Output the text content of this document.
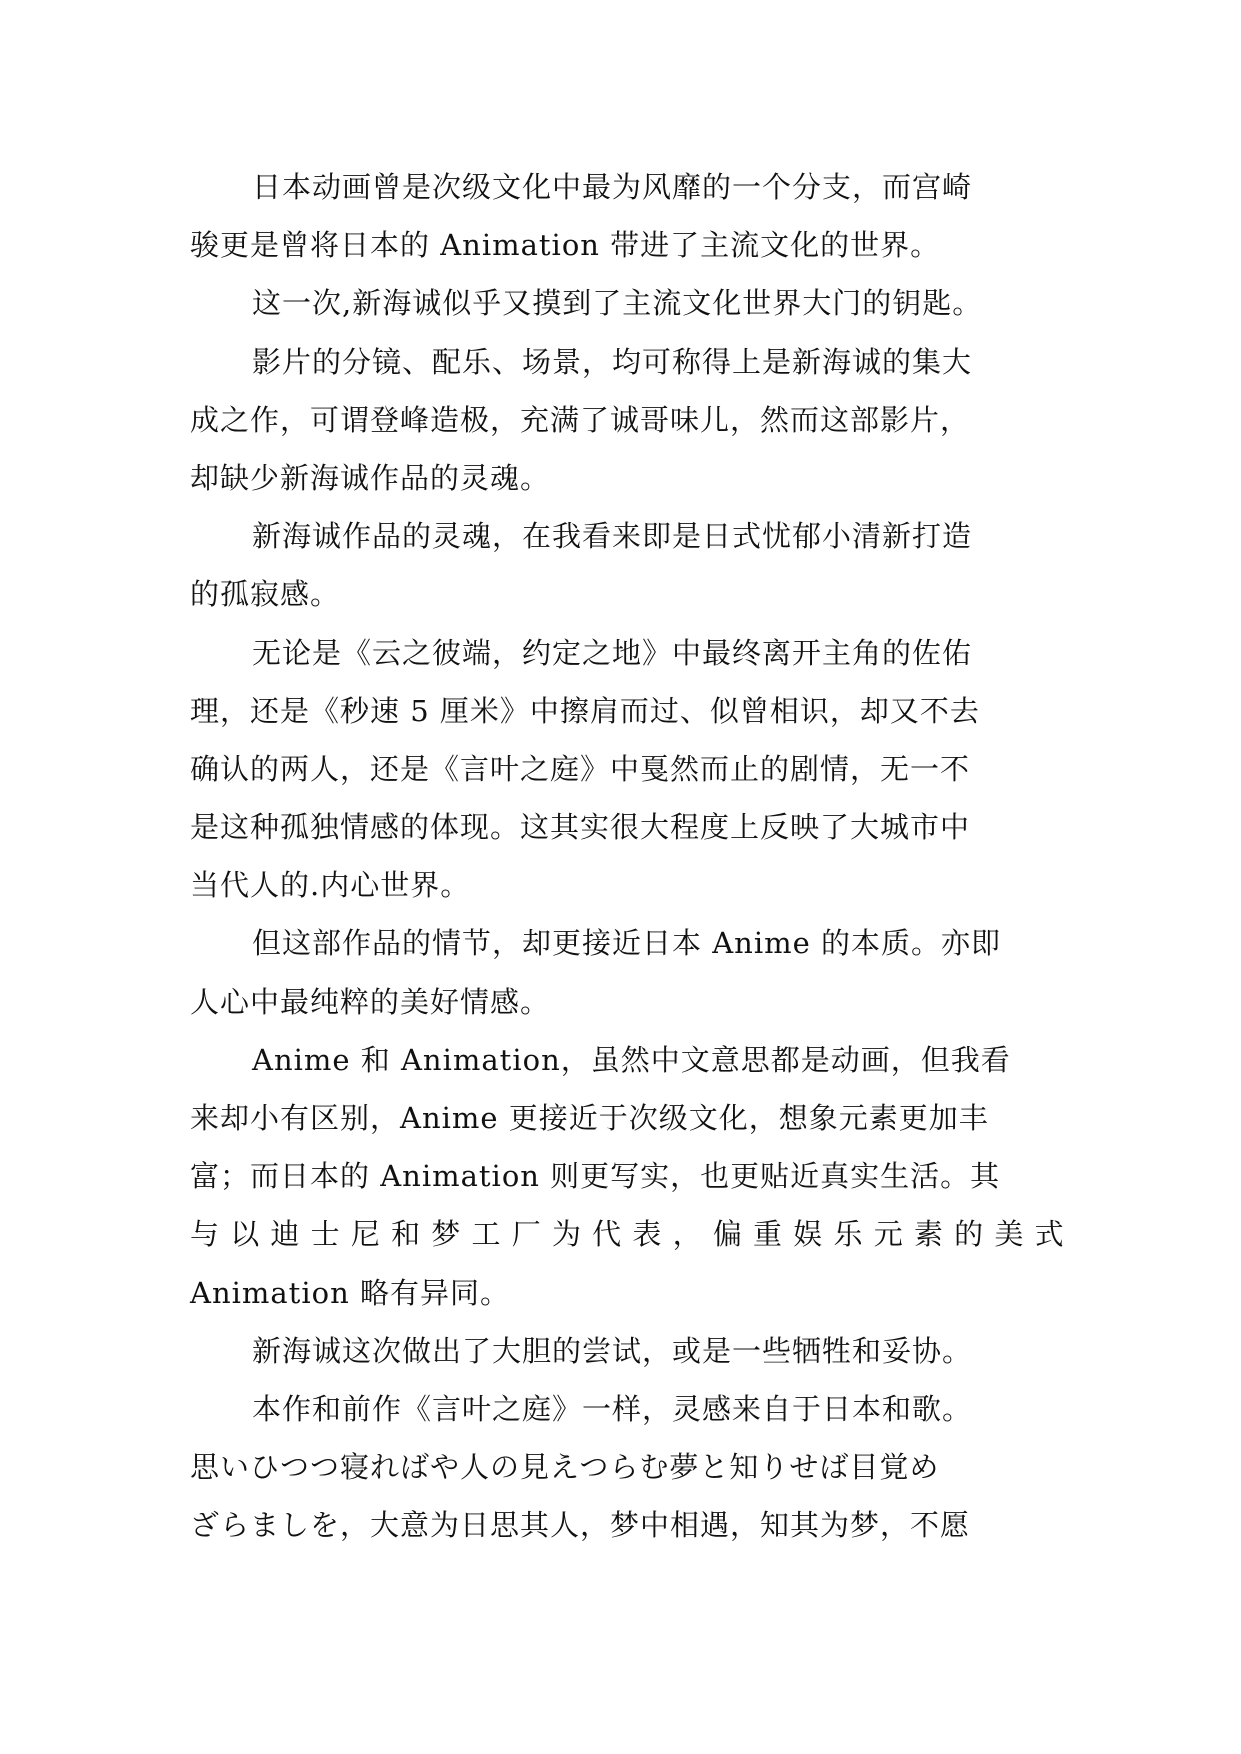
日本动画曾是次级文化中最为风靡的一个分支，而宫崎
骏更是曾将日本的 Animation 带进了主流文化的世界。
这一次,新海诚似乎又摸到了主流文化世界大门的钥匙。
影片的分镜、配乐、场景，均可称得上是新海诚的集大
成之作，可谓登峰造极，充满了诚哥味儿，然而这部影片，
却缺少新海诚作品的灵魂。
新海诚作品的灵魂，在我看来即是日式忧郁小清新打造
的孤寂感。
无论是《云之彼端，约定之地》中最终离开主角的佐佑
理，还是《秒速 5 厘米》中擦肩而过、似曾相识，却又不去
确认的两人，还是《言叶之庭》中戛然而止的剧情，无一不
是这种孤独情感的体现。这其实很大程度上反映了大城市中
当代人的.内心世界。
但这部作品的情节，却更接近日本 Anime 的本质。亦即
人心中最纯粹的美好情感。
Anime 和 Animation，虽然中文意思都是动画，但我看
来却小有区别，Anime 更接近于次级文化，想象元素更加丰
富；而日本的 Animation 则更写实，也更贴近真实生活。其
与 以 迪 士 尼 和 梦 工 厂 为 代 表 ， 偏 重 娱 乐 元 素 的 美 式
Animation 略有异同。
新海诚这次做出了大胆的尝试，或是一些牺牲和妥协。
本作和前作《言叶之庭》一样，灵感来自于日本和歌。
思いひつつ寝ればや人の見えつらむ夢と知りせば目覚め
ざらましを，大意为日思其人，梦中相遇，知其为梦，不愿
